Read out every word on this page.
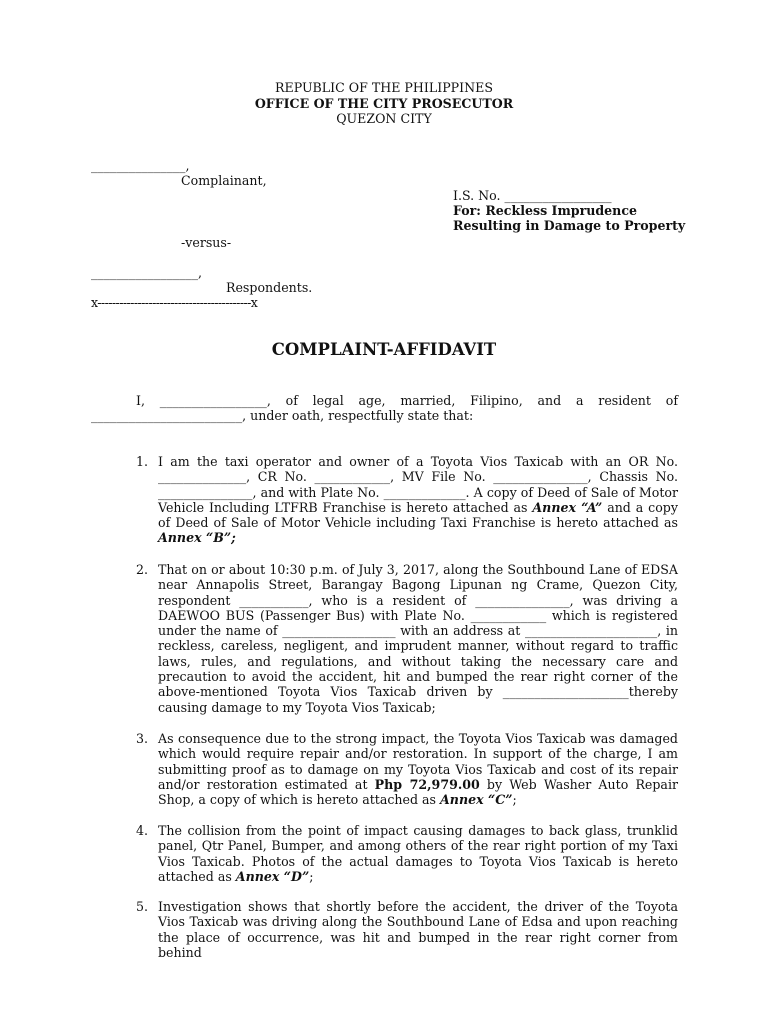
REPUBLIC OF THE PHILIPPINES
OFFICE OF THE CITY PROSECUTOR
QUEZON CITY
_______________,
Complainant,
I.S. No. _________________
For: Reckless Imprudence
Resulting in Damage to Property
-versus-
_________________,
Respondents.
x------------------------------------------x
COMPLAINT-AFFIDAVIT
I, _________________, of legal age, married, Filipino, and a resident of
________________________, under oath, respectfully state that:
1. I am the taxi operator and owner of a Toyota Vios Taxicab with an OR No. ______________, CR No. ____________, MV File No. _______________, Chassis No. _______________, and with Plate No. _____________. A copy of Deed of Sale of Motor Vehicle Including LTFRB Franchise is hereto attached as Annex “A” and a copy of Deed of Sale of Motor Vehicle including Taxi Franchise is hereto attached as Annex “B”;
2. That on or about 10:30 p.m. of July 3, 2017, along the Southbound Lane of EDSA near Annapolis Street, Barangay Bagong Lipunan ng Crame, Quezon City, respondent ___________, who is a resident of _______________, was driving a DAEWOO BUS (Passenger Bus) with Plate No. ____________ which is registered under the name of __________________ with an address at _____________________, in reckless, careless, negligent, and imprudent manner, without regard to traffic laws, rules, and regulations, and without taking the necessary care and precaution to avoid the accident, hit and bumped the rear right corner of the above-mentioned Toyota Vios Taxicab driven by ____________________thereby causing damage to my Toyota Vios Taxicab;
3. As consequence due to the strong impact, the Toyota Vios Taxicab was damaged which would require repair and/or restoration. In support of the charge, I am submitting proof as to damage on my Toyota Vios Taxicab and cost of its repair and/or restoration estimated at Php 72,979.00 by Web Washer Auto Repair Shop, a copy of which is hereto attached as Annex “C”;
4. The collision from the point of impact causing damages to back glass, trunklid panel, Qtr Panel, Bumper, and among others of the rear right portion of my Taxi Vios Taxicab. Photos of the actual damages to Toyota Vios Taxicab is hereto attached as Annex “D”;
5. Investigation shows that shortly before the accident, the driver of the Toyota Vios Taxicab was driving along the Southbound Lane of Edsa and upon reaching the place of occurrence, was hit and bumped in the rear right corner from behind
